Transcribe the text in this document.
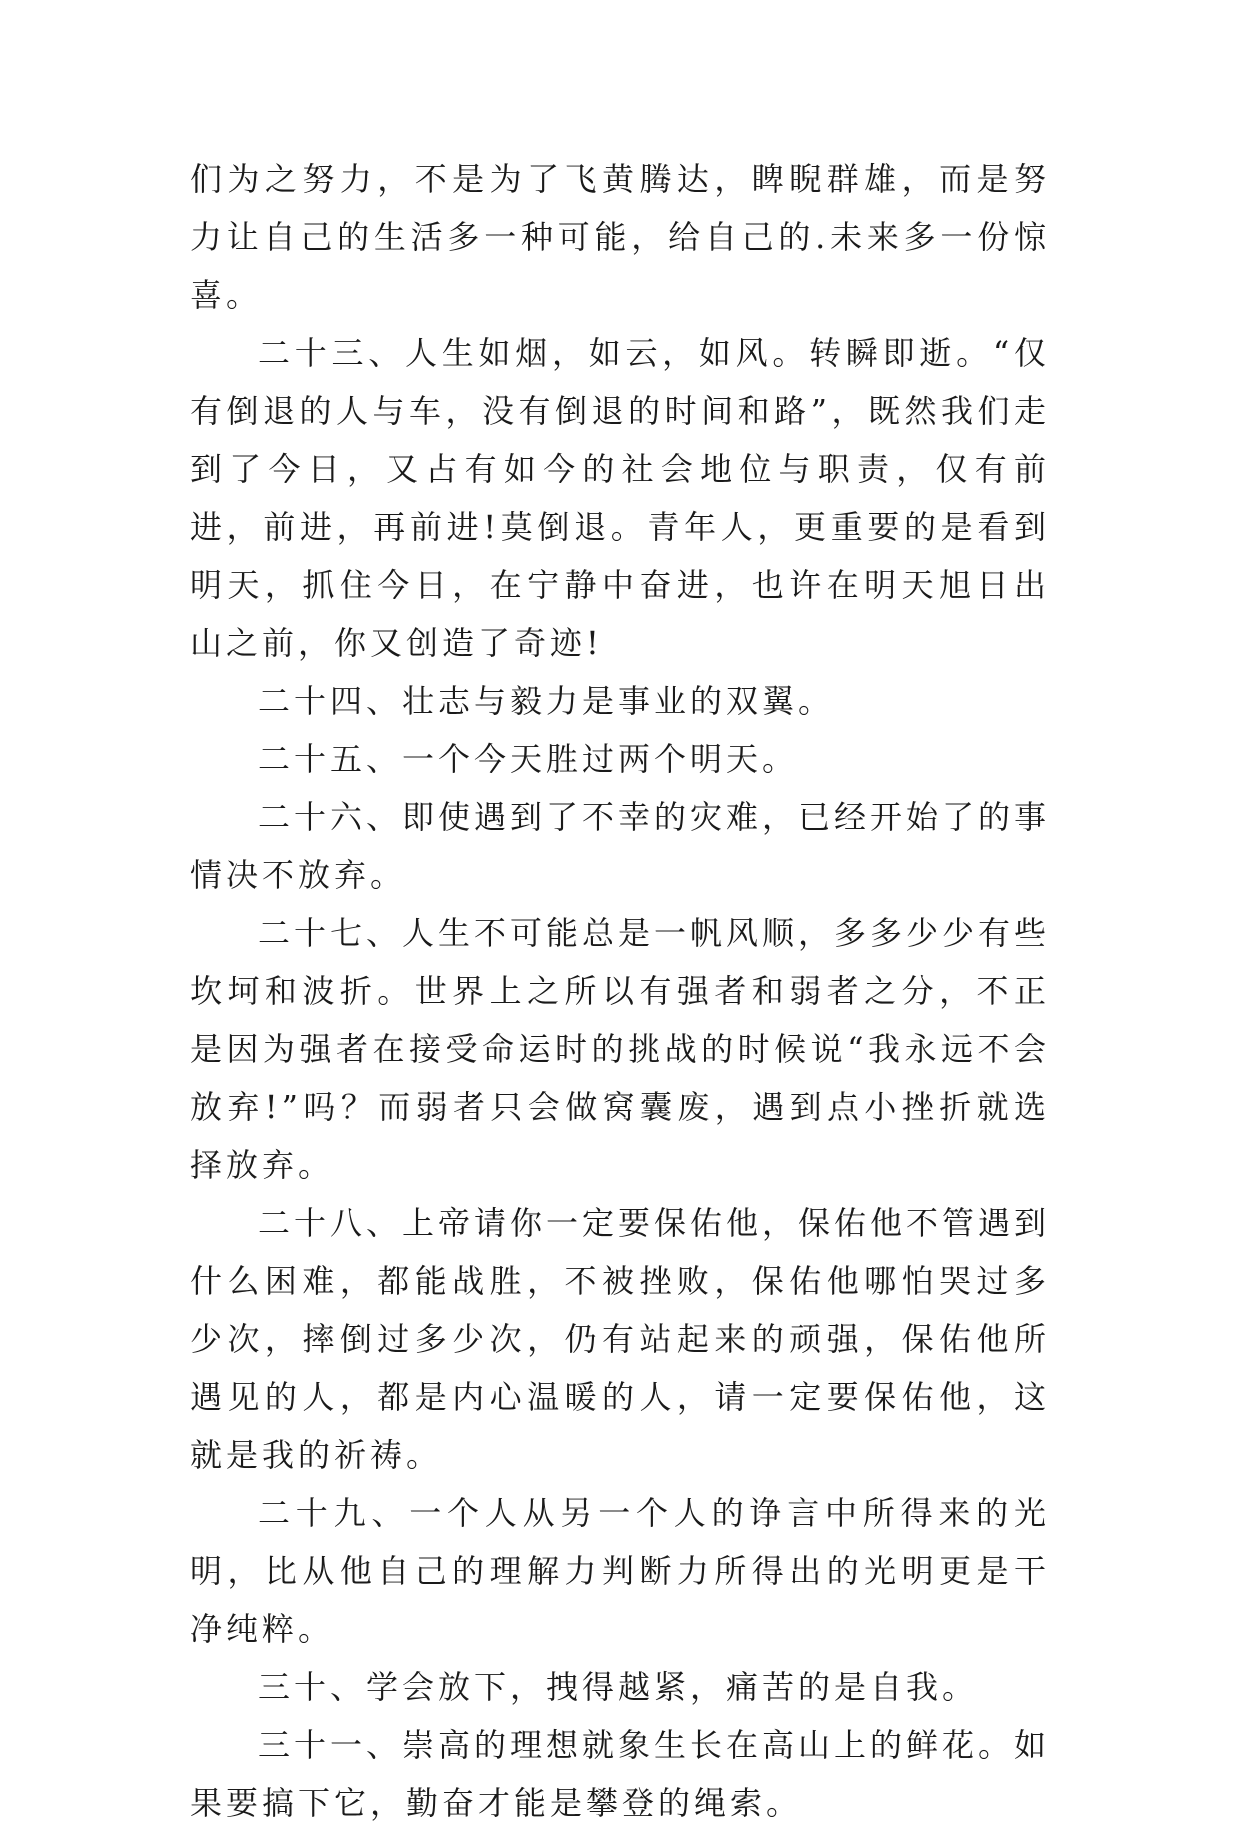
们为之努力，不是为了飞黄腾达，睥睨群雄，而是努力让自己的生活多一种可能，给自己的.未来多一份惊喜。

二十三、人生如烟，如云，如风。转瞬即逝。“仅有倒退的人与车，没有倒退的时间和路”，既然我们走到了今日，又占有如今的社会地位与职责，仅有前进，前进，再前进!莫倒退。青年人，更重要的是看到明天，抓住今日，在宁静中奋进，也许在明天旭日出山之前，你又创造了奇迹!

二十四、壮志与毅力是事业的双翼。

二十五、一个今天胜过两个明天。

二十六、即使遇到了不幸的灾难，已经开始了的事情决不放弃。

二十七、人生不可能总是一帆风顺，多多少少有些坎坷和波折。世界上之所以有强者和弱者之分，不正是因为强者在接受命运时的挑战的时候说“我永远不会放弃!”吗？而弱者只会做窝囊废，遇到点小挫折就选择放弃。

二十八、上帝请你一定要保佑他，保佑他不管遇到什么困难，都能战胜，不被挫败，保佑他哪怕哭过多少次，摔倒过多少次，仍有站起来的顽强，保佑他所遇见的人，都是内心温暖的人，请一定要保佑他，这就是我的祈祷。

二十九、一个人从另一个人的诤言中所得来的光明，比从他自己的理解力判断力所得出的光明更是干净纯粹。

三十、学会放下，拽得越紧，痛苦的是自我。

三十一、崇高的理想就象生长在高山上的鲜花。如果要搞下它，勤奋才能是攀登的绳索。
